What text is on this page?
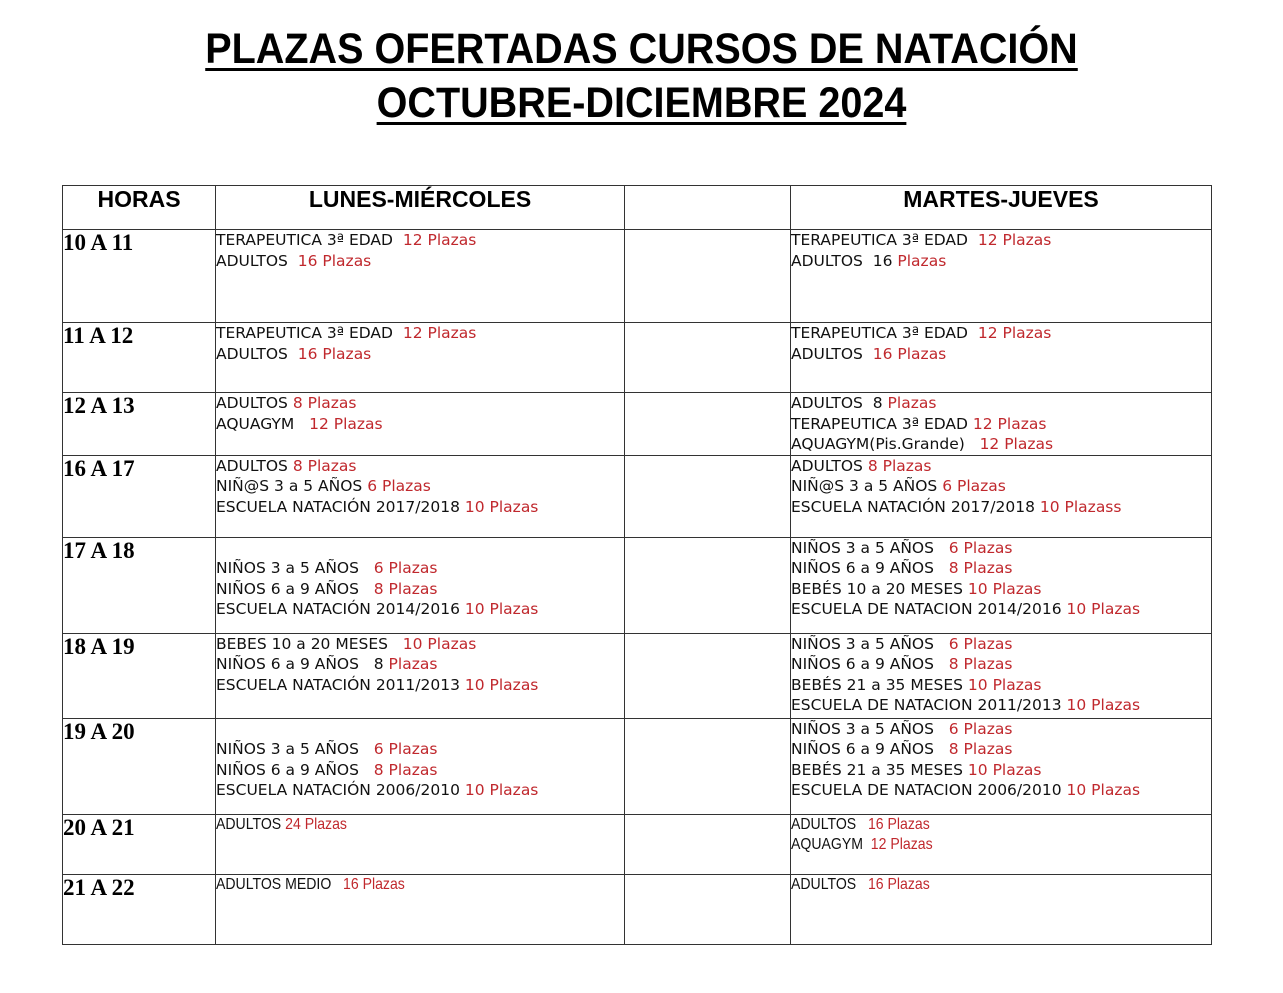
PLAZAS OFERTADAS CURSOS DE NATACIÓN
OCTUBRE-DICIEMBRE 2024
HORAS	LUNES-MIÉRCOLES		MARTES-JUEVES
10 A 11	TERAPEUTICA 3ª EDAD  12 Plazas
ADULTOS  16 Plazas		TERAPEUTICA 3ª EDAD  12 Plazas
ADULTOS  16 Plazas

11 A 12	TERAPEUTICA 3ª EDAD  12 Plazas
ADULTOS  16 Plazas		TERAPEUTICA 3ª EDAD  12 Plazas
ADULTOS  16 Plazas

12 A 13	ADULTOS 8 Plazas
AQUAGYM   12 Plazas		ADULTOS  8 Plazas
TERAPEUTICA 3ª EDAD 12 Plazas
AQUAGYM(Pis.Grande)   12 Plazas

16 A 17	ADULTOS 8 Plazas
NIÑ@S 3 a 5 AÑOS 6 Plazas
ESCUELA NATACIÓN 2017/2018 10 Plazas		ADULTOS 8 Plazas
NIÑ@S 3 a 5 AÑOS 6 Plazas
ESCUELA NATACIÓN 2017/2018 10 Plazass

17 A 18	NIÑOS 3 a 5 AÑOS   6 Plazas
NIÑOS 6 a 9 AÑOS   8 Plazas
ESCUELA NATACIÓN 2014/2016 10 Plazas		NIÑOS 3 a 5 AÑOS   6 Plazas
NIÑOS 6 a 9 AÑOS   8 Plazas
BEBÉS 10 a 20 MESES 10 Plazas
ESCUELA DE NATACION 2014/2016 10 Plazas

18 A 19	BEBES 10 a 20 MESES   10 Plazas
NIÑOS 6 a 9 AÑOS   8 Plazas
ESCUELA NATACIÓN 2011/2013 10 Plazas		NIÑOS 3 a 5 AÑOS   6 Plazas
NIÑOS 6 a 9 AÑOS   8 Plazas
BEBÉS 21 a 35 MESES 10 Plazas
ESCUELA DE NATACION 2011/2013 10 Plazas

19 A 20	NIÑOS 3 a 5 AÑOS   6 Plazas
NIÑOS 6 a 9 AÑOS   8 Plazas
ESCUELA NATACIÓN 2006/2010 10 Plazas		NIÑOS 3 a 5 AÑOS   6 Plazas
NIÑOS 6 a 9 AÑOS   8 Plazas
BEBÉS 21 a 35 MESES 10 Plazas
ESCUELA DE NATACION 2006/2010 10 Plazas

20 A 21	ADULTOS 24 Plazas		ADULTOS   16 Plazas
AQUAGYM  12 Plazas

21 A 22	ADULTOS MEDIO   16 Plazas		ADULTOS   16 Plazas
